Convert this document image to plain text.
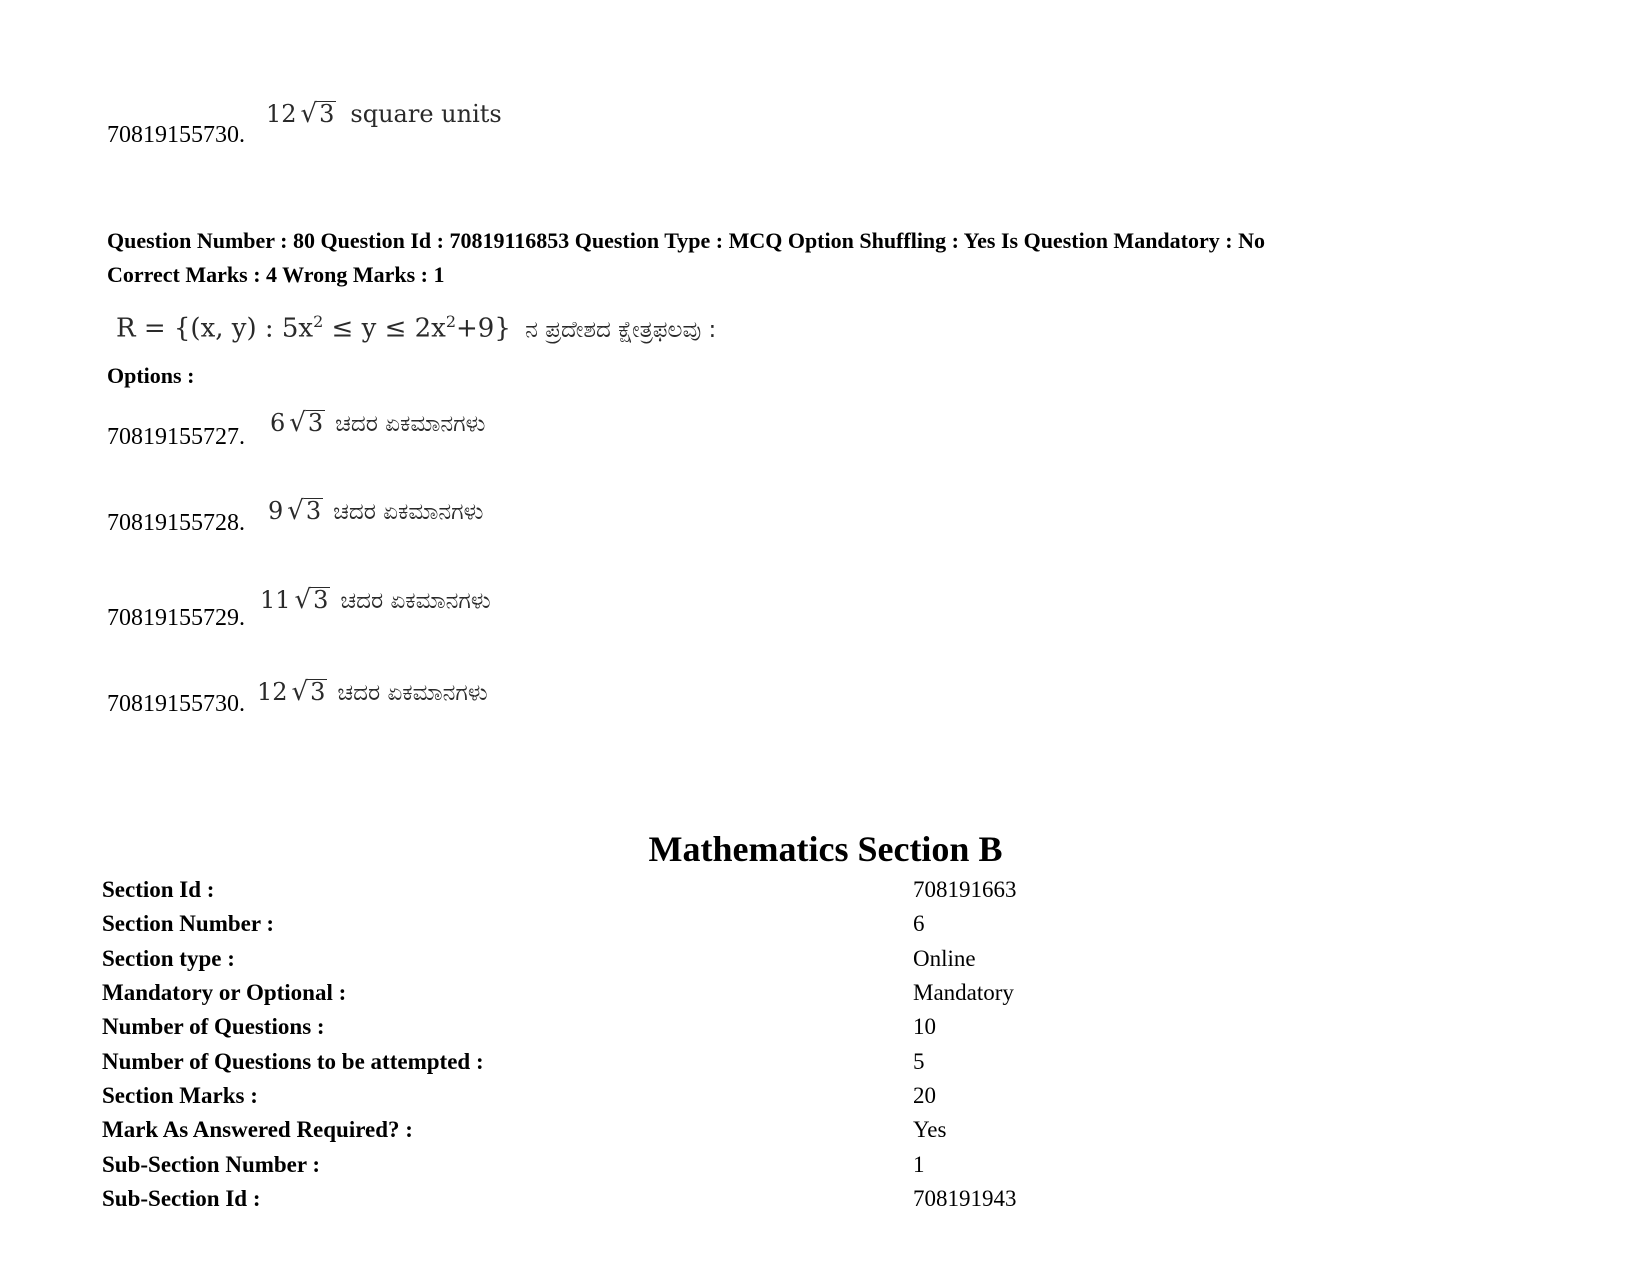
70819155730.
12 √ 3 square units
Question Number : 80 Question Id : 70819116853 Question Type : MCQ Option Shuffling : Yes Is Question Mandatory : No
Correct Marks : 4 Wrong Marks : 1
R = {(x, y) : $5x^2 \le y \le 2x^2+9$} ನ ಪ್ರದೇಶದ ಕ್ಷೇತ್ರಫಲವು :
Options :
70819155727. 6 √ 3 ಚದರ ಏಕಮಾನಗಳು
70819155728. 9 √ 3 ಚದರ ಏಕಮಾನಗಳು
70819155729.
11 √ 3 ಚದರ ಏಕಮಾನಗಳು
70819155730. 12 √ 3 ಚದರ ಏಕಮಾನಗಳು
Mathematics Section B
Section Id :	708191663
Section Number :	6
Section type :	Online
Mandatory or Optional :	Mandatory
Number of Questions :	10
Number of Questions to be attempted :	5
Section Marks :	20
Mark As Answered Required? :	Yes
Sub-Section Number :	1
Sub-Section Id :	708191943
